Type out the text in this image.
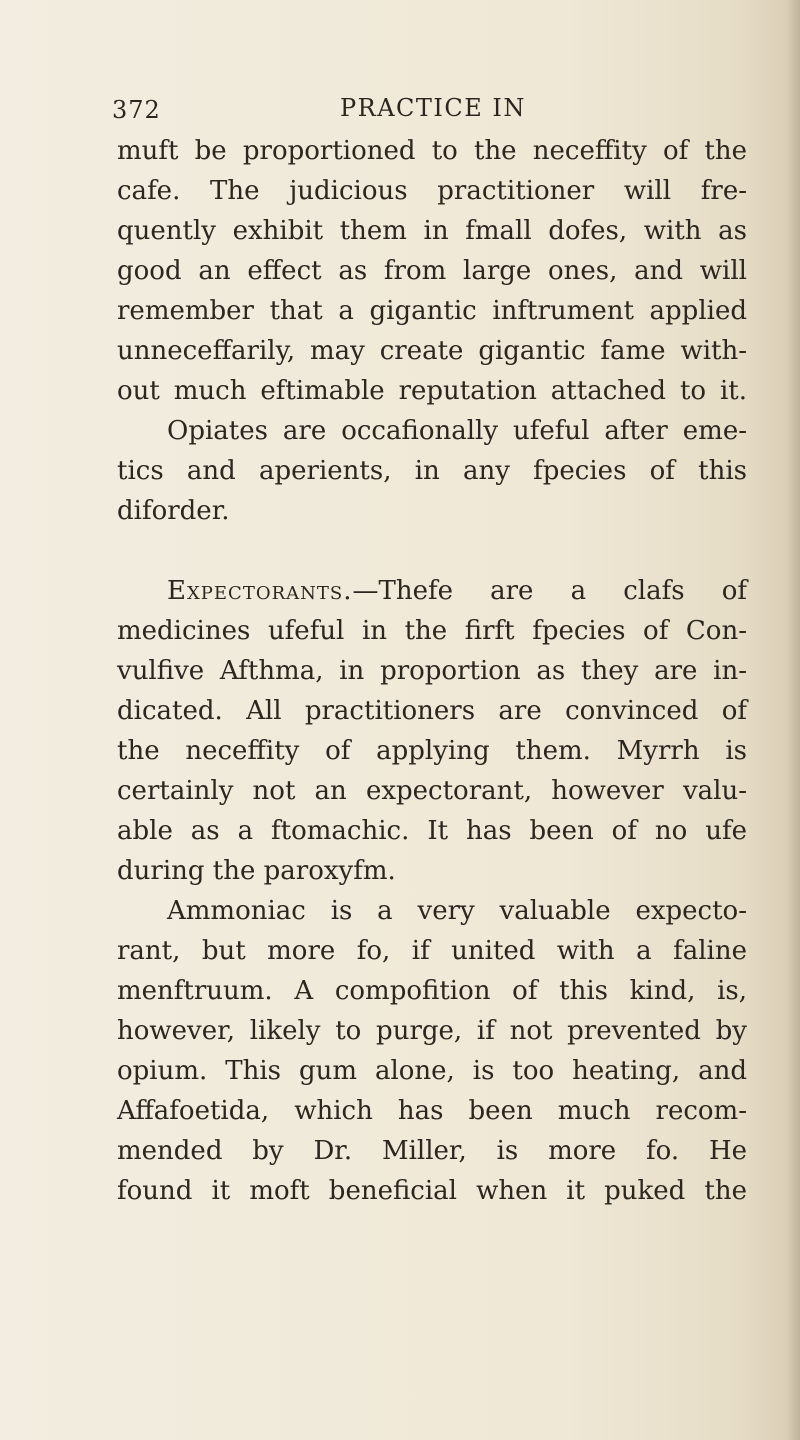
372	PRACTICE IN
muft be proportioned to the neceffity of the
cafe. The judicious practitioner will fre-
quently exhibit them in fmall dofes, with as
good an effect as from large ones, and will
remember that a gigantic inftrument applied
unneceffarily, may create gigantic fame with-
out much eftimable reputation attached to it.
Opiates are occafionally ufeful after eme-
tics and aperients, in any fpecies of this
diforder.
Expectorants.—Thefe are a clafs of
medicines ufeful in the firft fpecies of Con-
vulfive Afthma, in proportion as they are in-
dicated. All practitioners are convinced of
the neceffity of applying them. Myrrh is
certainly not an expectorant, however valu-
able as a ftomachic. It has been of no ufe
during the paroxyfm.
Ammoniac is a very valuable expecto-
rant, but more fo, if united with a faline
menftruum. A compofition of this kind, is,
however, likely to purge, if not prevented by
opium. This gum alone, is too heating, and
Affafoetida, which has been much recom-
mended by Dr. Miller, is more fo. He
found it moft beneficial when it puked the
